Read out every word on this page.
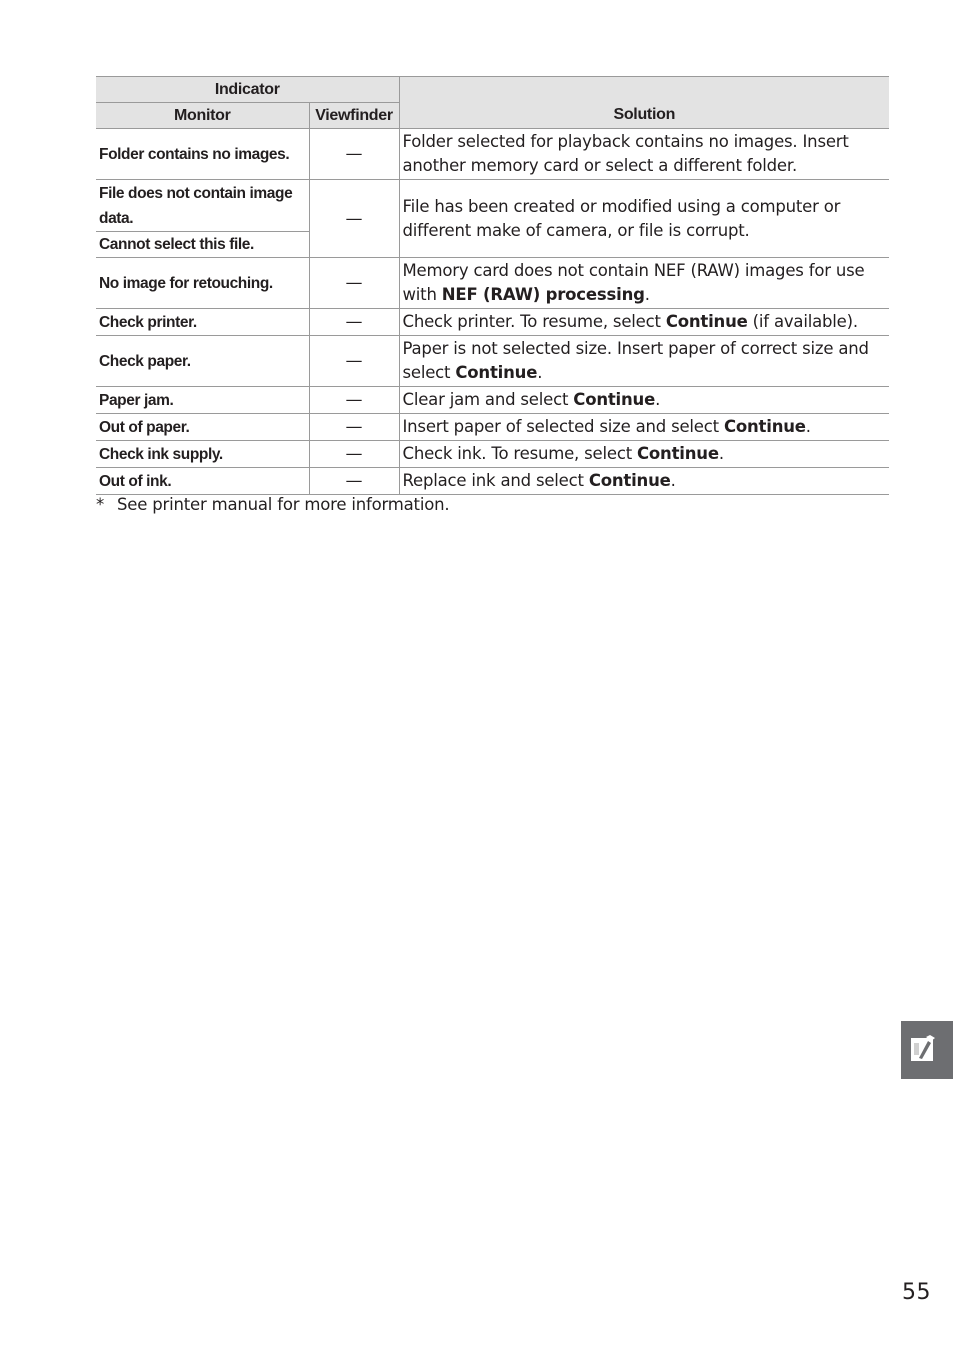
Indicator		Solution
Monitor	Viewfinder	
Folder contains no images.	—	Folder selected for playback contains no images. Insert another memory card or select a different folder.
File does not contain image data.	—	File has been created or modified using a computer or different make of camera, or file is corrupt.
Cannot select this file.		
No image for retouching.	—	Memory card does not contain NEF (RAW) images for use with NEF (RAW) processing.
Check printer.	—	Check printer. To resume, select Continue (if available).
Check paper.	—	Paper is not selected size. Insert paper of correct size and select Continue.
Paper jam.	—	Clear jam and select Continue.
Out of paper.	—	Insert paper of selected size and select Continue.
Check ink supply.	—	Check ink. To resume, select Continue.
Out of ink.	—	Replace ink and select Continue.
* See printer manual for more information.
55
